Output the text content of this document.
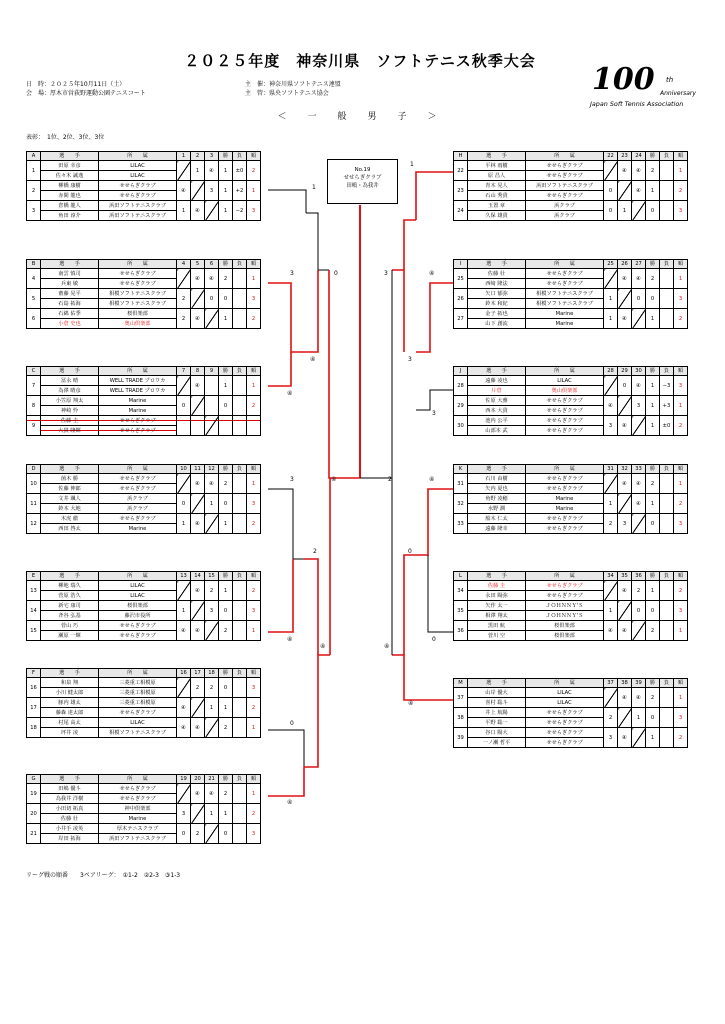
２０２５年度　神奈川県　ソフトテニス秋季大会
日　時：２０２５年10月11日（土）
会　場：厚木市営荻野運動公園テニスコート
主　催：神奈川県ソフトテニス連盟
主　管：県央ソフトテニス協会	100 th
Anniversary
Japan Soft Tennis Association
＜　一　般　男　子　＞
表彰：　1位、2位、3位、3位
No.19
せせらぎクラブ
田嶋・為我井
A	選　　手	所　　属	1	2	3	勝	負	順
1	田原 幸彦	LILAC		1	④	1	±0	2
	佐々木 誠逸	LILAC						
2	柳橋 康樹	せせらぎクラブ	④		3	1	+2	1
	赤間 龍也	せせらぎクラブ						
3	倉橋 龍人	浜田ソフトテニスクラブ	1	④		1	−2	3
	角田 淳介	浜田ソフトテニスクラブ						
B	選　　手	所　　属	4	5	6	勝	負	順
4	南雲 慎司	せせらぎクラブ		④	④	2		1
	兵東 敏	せせらぎクラブ						
5	齋藤 晃平	相模ソフトテニスクラブ	2		0	0		3
	石島 拓海	相模ソフトテニスクラブ						
6	石綿 佑季	桜倶楽部	2	④		1		2
	小倉 史也	奥山倶楽部						
C	選　　手	所　　属	7	8	9	勝	負	順
7	冨永 晴	WELL TRADE プロワカ		④		1		1
	為澤 晴彦	WELL TRADE プロワカ						
8	小笠原 翔太	Marine	0			0		2
	神崎 怜	Marine						
9	佐藤 圭	せせらぎクラブ						
	大貫 隆輝	せせらぎクラブ						
D	選　　手	所　　属	10	11	12	勝	負	順
10	菌木 勝	せせらぎクラブ		④	④	2		1
	佐藤 伸郎	せせらぎクラブ						
11	文井 颯人	浜クラブ	0		1	0		3
	鈴木 大地	浜クラブ						
12	木虎 徹	せせらぎクラブ	1	④		1		2
	西田 啓太	Marine						
E	選　　手	所　　属	13	14	15	勝	負	順
13	柳地 瑞久	LILAC		④	2	1		2
	菅原 浩久	LILAC						
14	新宅 康司	桜倶楽部	1		3	0		3
	斉谷 弘基	藤沢市役所						
15	菅山 巧	せせらぎクラブ	④	④		2		1
	瀬原 一輝	せせらぎクラブ						
F	選　　手	所　　属	16	17	18	勝	負	順
16	和泉 翔	三菱重工相模原		2	2	0		3
	小川 健太郎	三菱重工相模原						
17	豚内 雄太	三菱重工相模原	④		1	1		2
	藤森 達太郎	せせらぎクラブ						
18	村尾 高太	LILAC	④	④		2		1
	坪井 凌	相模ソフトテニスクラブ						
G	選　　手	所　　属	19	20	21	勝	負	順
19	田嶋 優斗	せせらぎクラブ		④	④	2		1
	為我井 洋樹	せせらぎクラブ						
20	小田切 拓真	神中倶楽部	3		1	1		2
	佐藤 壮	Marine						
21	小井手 凌英	厚木テニスクラブ	0	2		0		3
	岸田 拓海	浜田ソフトテニスクラブ						
H	選　　手	所　　属	22	23	24	勝	負	順
22	平林 雨樹	せせらぎクラブ		④	④	2		1
	原 昌人	せせらぎクラブ						
23	青木 晃人	浜田ソフトテニスクラブ	0		④	1		2
	石山 秀貴	せせらぎクラブ						
24	玉置 章	浜クラブ	0	1		0		3
	久保 雄貴	浜クラブ						
I	選　　手	所　　属	25	26	27	勝	負	順
25	佐藤 壮	せせらぎクラブ		④	④	2		1
	西﨑 隆法	せせらぎクラブ						
26	矢口 郁弥	相模ソフトテニスクラブ	1		0	0		3
	鈴木 和紀	相模ソフトテニスクラブ						
27	金子 拓也	Marine	1	④		1		2
	山下 創流	Marine						
J	選　　手	所　　属	28	29	30	勝	負	順
28	遠藤 凌也	LILAC		0	④	1	−3	3
	片倉	奥山倶楽部						
29	佐原 大雅	せせらぎクラブ	④		3	1	+3	1
	西本 大貴	せせらぎクラブ						
30	池内 公平	せせらぎクラブ	3	④		1	±0	2
	山部本 武	せせらぎクラブ						
K	選　　手	所　　属	31	32	33	勝	負	順
31	石川 由樹	せせらぎクラブ		④	④	2		1
	矢内 夏也	せせらぎクラブ						
32	角野 凌穂	Marine	1		④	1		2
	水野 潤	Marine						
33	船木 仁太	せせらぎクラブ	2	3		0		3
	遠藤 隆幸	せせらぎクラブ						
L	選　　手	所　　属	34	35	36	勝	負	順
34	佐藤 圭	せせらぎクラブ		④	2	1		2
	永田 陽弥	せせらぎクラブ						
35	矢作 太一	ＪＯＨＮＮＹ'Ｓ	1		0	0		3
	相澤 翔太	ＪＯＨＮＮＹ'Ｓ						
36	黒田 航	桜倶楽部	④	④		2		1
	菅川 空	桜倶楽部						
M	選　　手	所　　属	37	38	39	勝	負	順
37	山岸 優大	LILAC		④	④	2		1
	喜村 聡斗	LILAC						
38	井上 航陽	せせらぎクラブ	2		1	0		3
	平野 聡一	せせらぎクラブ						
39	谷口 陽大	せせらぎクラブ	3	④		1		2
	一ノ瀬 哲平	せせらぎクラブ						
1
3
④
④
0
3
2
④
0
④
④
④	2
1
④
3
3
3
④
0
0
④
④
リーグ戦の順番　　3ペアリーグ：　①1-2　②2-3　③1-3
